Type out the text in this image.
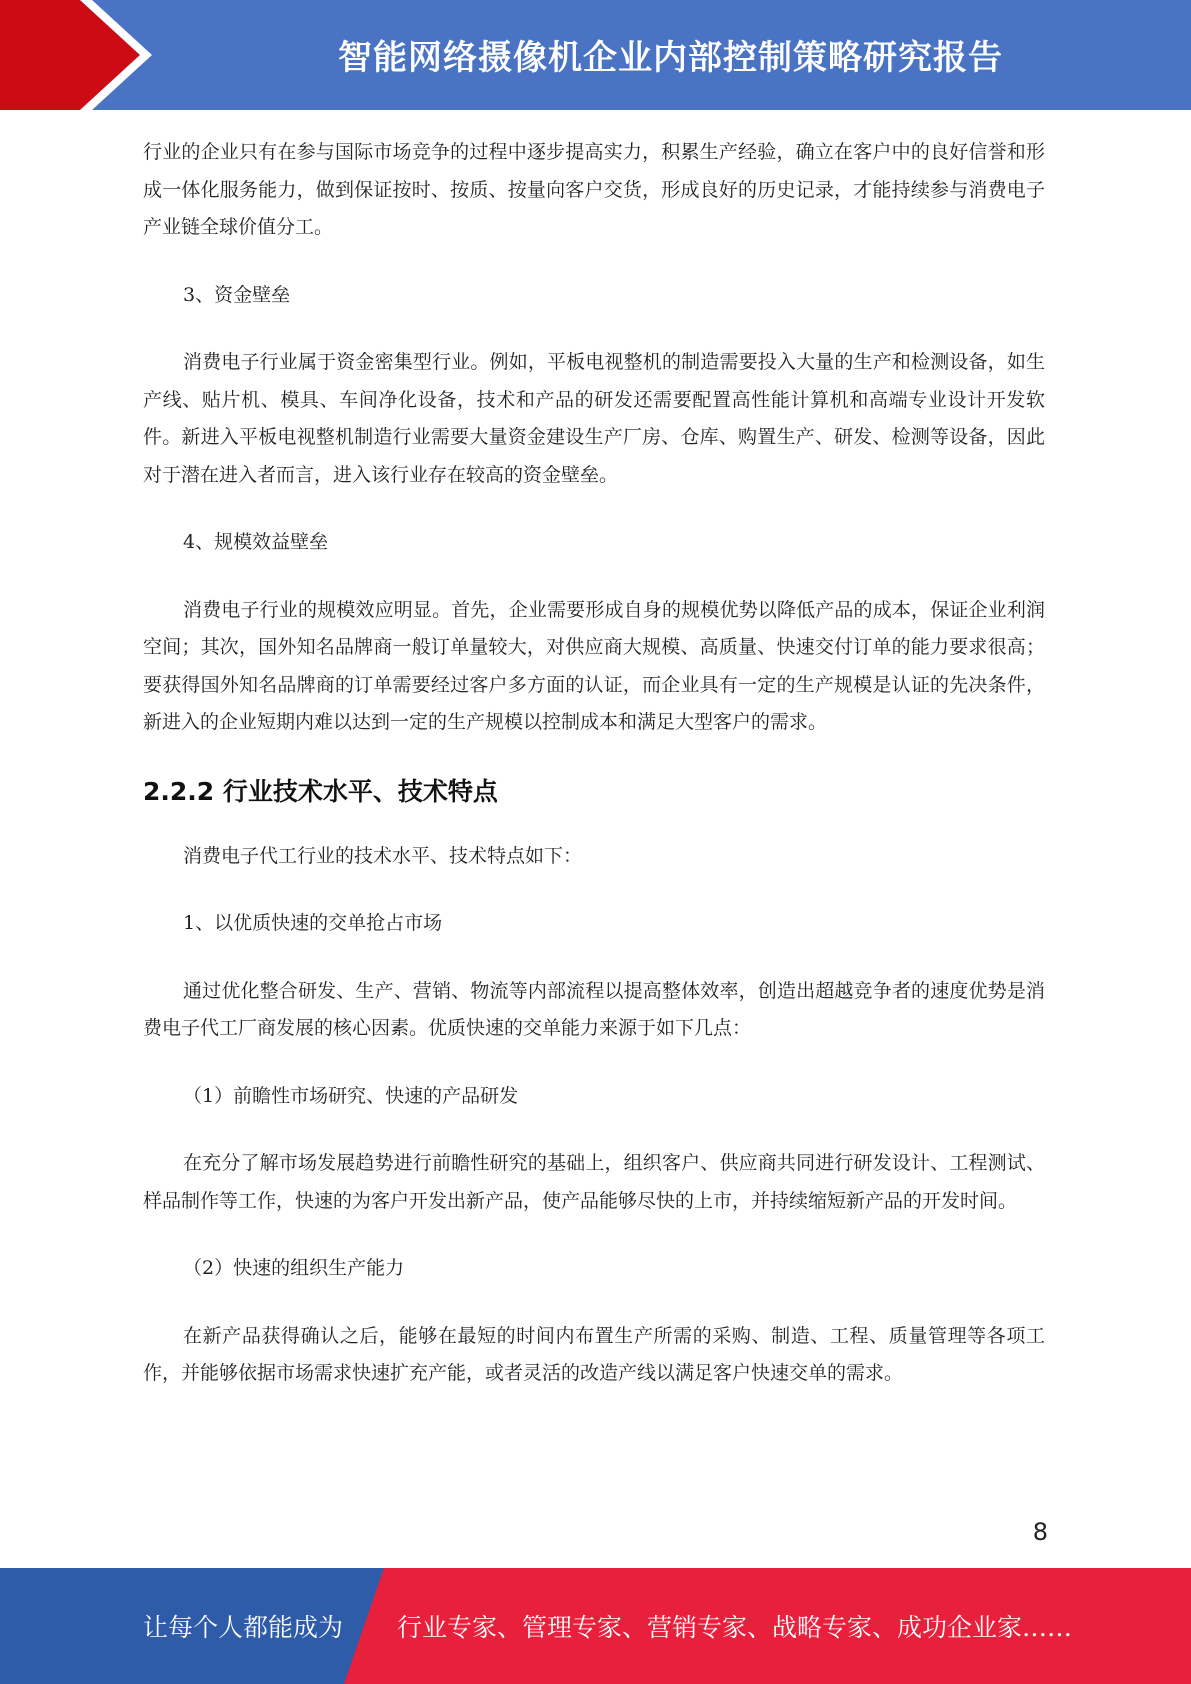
智能网络摄像机企业内部控制策略研究报告

行业的企业只有在参与国际市场竞争的过程中逐步提高实力，积累生产经验，确立在客户中的良好信誉和形成一体化服务能力，做到保证按时、按质、按量向客户交货，形成良好的历史记录，才能持续参与消费电子产业链全球价值分工。

3、资金壁垒

消费电子行业属于资金密集型行业。例如，平板电视整机的制造需要投入大量的生产和检测设备，如生产线、贴片机、模具、车间净化设备，技术和产品的研发还需要配置高性能计算机和高端专业设计开发软件。新进入平板电视整机制造行业需要大量资金建设生产厂房、仓库、购置生产、研发、检测等设备，因此对于潜在进入者而言，进入该行业存在较高的资金壁垒。

4、规模效益壁垒

消费电子行业的规模效应明显。首先，企业需要形成自身的规模优势以降低产品的成本，保证企业利润空间；其次，国外知名品牌商一般订单量较大，对供应商大规模、高质量、快速交付订单的能力要求很高；要获得国外知名品牌商的订单需要经过客户多方面的认证，而企业具有一定的生产规模是认证的先决条件，新进入的企业短期内难以达到一定的生产规模以控制成本和满足大型客户的需求。

2.2.2 行业技术水平、技术特点

消费电子代工行业的技术水平、技术特点如下：

1、以优质快速的交单抢占市场

通过优化整合研发、生产、营销、物流等内部流程以提高整体效率，创造出超越竞争者的速度优势是消费电子代工厂商发展的核心因素。优质快速的交单能力来源于如下几点：

（1）前瞻性市场研究、快速的产品研发

在充分了解市场发展趋势进行前瞻性研究的基础上，组织客户、供应商共同进行研发设计、工程测试、样品制作等工作，快速的为客户开发出新产品，使产品能够尽快的上市，并持续缩短新产品的开发时间。

（2）快速的组织生产能力

在新产品获得确认之后，能够在最短的时间内布置生产所需的采购、制造、工程、质量管理等各项工作，并能够依据市场需求快速扩充产能，或者灵活的改造产线以满足客户快速交单的需求。

8
让每个人都能成为 行业专家、管理专家、营销专家、战略专家、成功企业家……
